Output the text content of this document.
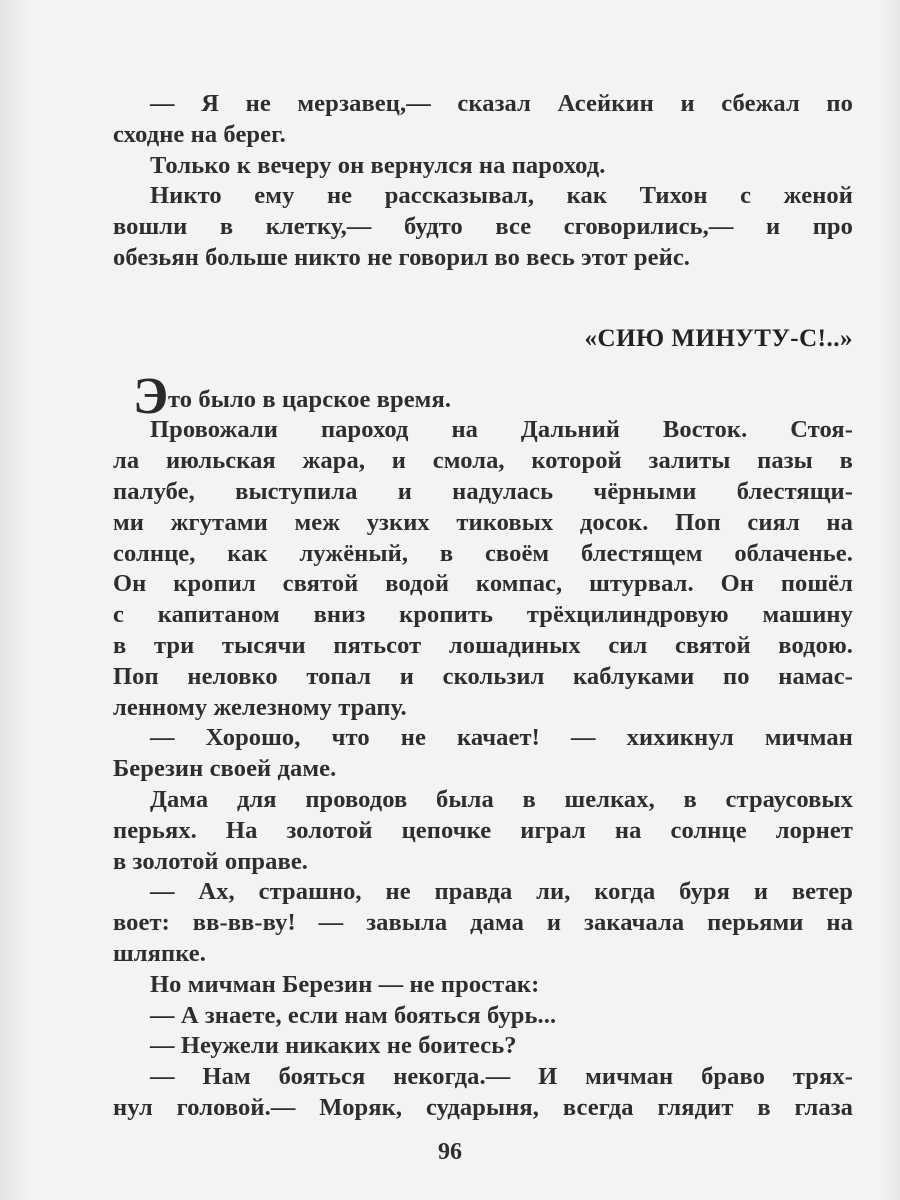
— Я не мерзавец,— сказал Асейкин и сбежал по
сходне на берег.
Только к вечеру он вернулся на пароход.
Никто ему не рассказывал, как Тихон с женой
вошли в клетку,— будто все сговорились,— и про
обезьян больше никто не говорил во весь этот рейс.
«СИЮ МИНУТУ-С!..»
Э то было в царское время.
Провожали пароход на Дальний Восток. Стоя-
ла июльская жара, и смола, которой залиты пазы в
палубе, выступила и надулась чёрными блестящи-
ми жгутами меж узких тиковых досок. Поп сиял на
солнце, как лужёный, в своём блестящем облаченье.
Он кропил святой водой компас, штурвал. Он пошёл
с капитаном вниз кропить трёхцилиндровую машину
в три тысячи пятьсот лошадиных сил святой водою.
Поп неловко топал и скользил каблуками по намас-
ленному железному трапу.
— Хорошо, что не качает! — хихикнул мичман
Березин своей даме.
Дама для проводов была в шелках, в страусовых
перьях. На золотой цепочке играл на солнце лорнет
в золотой оправе.
— Ах, страшно, не правда ли, когда буря и ветер
воет: вв-вв-ву! — завыла дама и закачала перьями на
шляпке.
Но мичман Березин — не простак:
— А знаете, если нам бояться бурь...
— Неужели никаких не боитесь?
— Нам бояться некогда.— И мичман браво трях-
нул головой.— Моряк, сударыня, всегда глядит в глаза
96
